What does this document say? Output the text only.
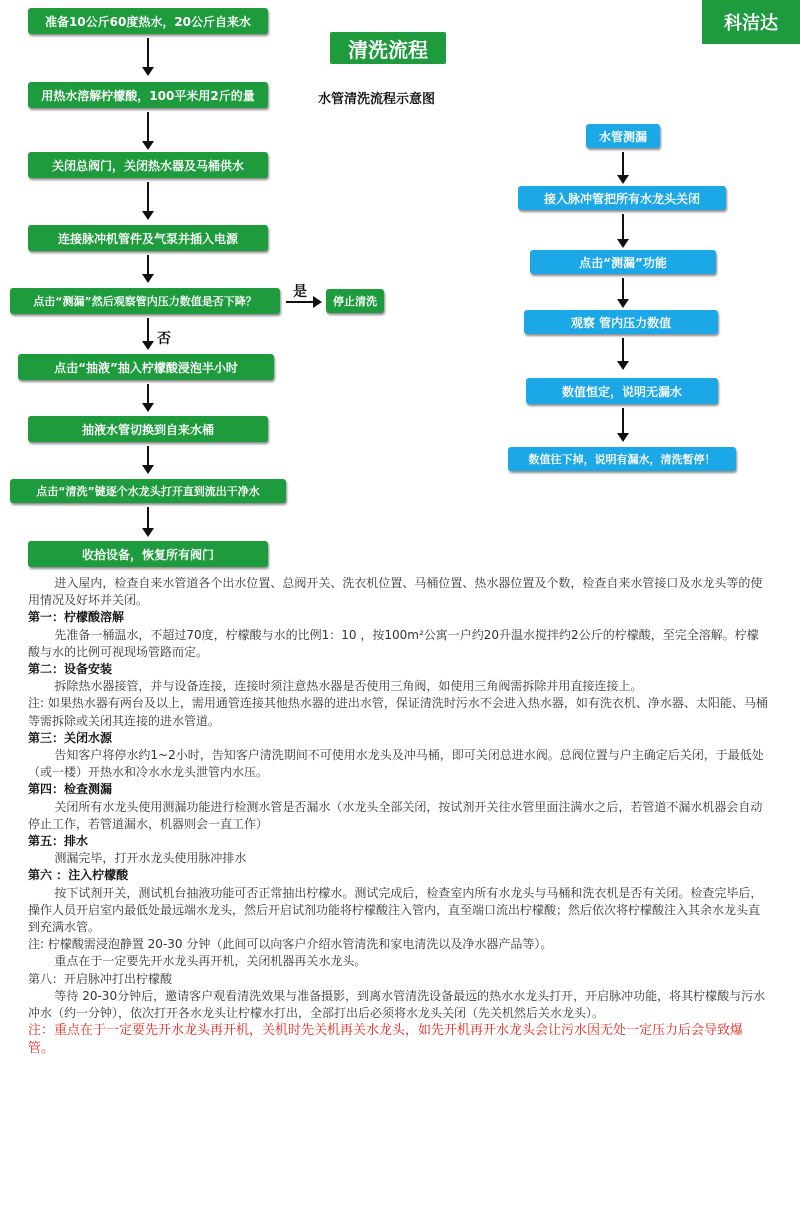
科洁达
清洗流程
水管清洗流程示意图
准备10公斤60度热水，20公斤自来水
用热水溶解柠檬酸，100平米用2斤的量
关闭总阀门，关闭热水器及马桶供水
连接脉冲机管件及气泵并插入电源
点击“测漏”然后观察管内压力数值是否下降？
是
停止清洗
否
点击“抽液”抽入柠檬酸浸泡半小时
抽液水管切换到自来水桶
点击“清洗”键逐个水龙头打开直到流出干净水
收拾设备，恢复所有阀门
水管测漏
接入脉冲管把所有水龙头关闭
点击“测漏”功能
观察 管内压力数值
数值恒定，说明无漏水
数值往下掉，说明有漏水，清洗暂停！

进入屋内，检查自来水管道各个出水位置、总阀开关、洗衣机位置、马桶位置、热水器位置及个数，检查自来水管接口及水龙头等的使用情况及好坏并关闭。

第一：柠檬酸溶解

先准备一桶温水，不超过70度，柠檬酸与水的比例1：10 ，按100m²公寓一户约20升温水搅拌约2公斤的柠檬酸，至完全溶解。柠檬酸与水的比例可视现场管路而定。

第二：设备安装

拆除热水器接管，并与设备连接，连接时须注意热水器是否使用三角阀，如使用三角阀需拆除并用直接连接上。

注: 如果热水器有两台及以上，需用通管连接其他热水器的进出水管，保证清洗时污水不会进入热水器，如有洗衣机、净水器、太阳能、马桶等需拆除或关闭其连接的进水管道。

第三：关闭水源

告知客户将停水约1~2小时，告知客户清洗期间不可使用水龙头及冲马桶，即可关闭总进水阀。总阀位置与户主确定后关闭，于最低处（或一楼）开热水和冷水水龙头泄管内水压。

第四：检查测漏

关闭所有水龙头使用测漏功能进行检测水管是否漏水（水龙头全部关闭，按试剂开关往水管里面注满水之后，若管道不漏水机器会自动停止工作，若管道漏水，机器则会一直工作）

第五：排水

测漏完毕，打开水龙头使用脉冲排水

第六 ：注入柠檬酸

按下试剂开关，测试机台抽液功能可否正常抽出柠檬水。测试完成后，检查室内所有水龙头与马桶和洗衣机是否有关闭。检查完毕后，操作人员开启室内最低处最远端水龙头，然后开启试剂功能将柠檬酸注入管内，直至端口流出柠檬酸；然后依次将柠檬酸注入其余水龙头直到充满水管。

注: 柠檬酸需浸泡静置 20-30 分钟（此间可以向客户介绍水管清洗和家电清洗以及净水器产品等）。

重点在于一定要先开水龙头再开机，关闭机器再关水龙头。

第八：开启脉冲打出柠檬酸

等待 20-30分钟后，邀请客户观看清洗效果与准备摄影，到离水管清洗设备最远的热水水龙头打开，开启脉冲功能，将其柠檬酸与污水冲水（约一分钟），依次打开各水龙头让柠檬水打出，全部打出后必须将水龙头关闭（先关机然后关水龙头）。

注：重点在于一定要先开水龙头再开机，关机时先关机再关水龙头，如先开机再开水龙头会让污水因无处一定压力后会导致爆管。
